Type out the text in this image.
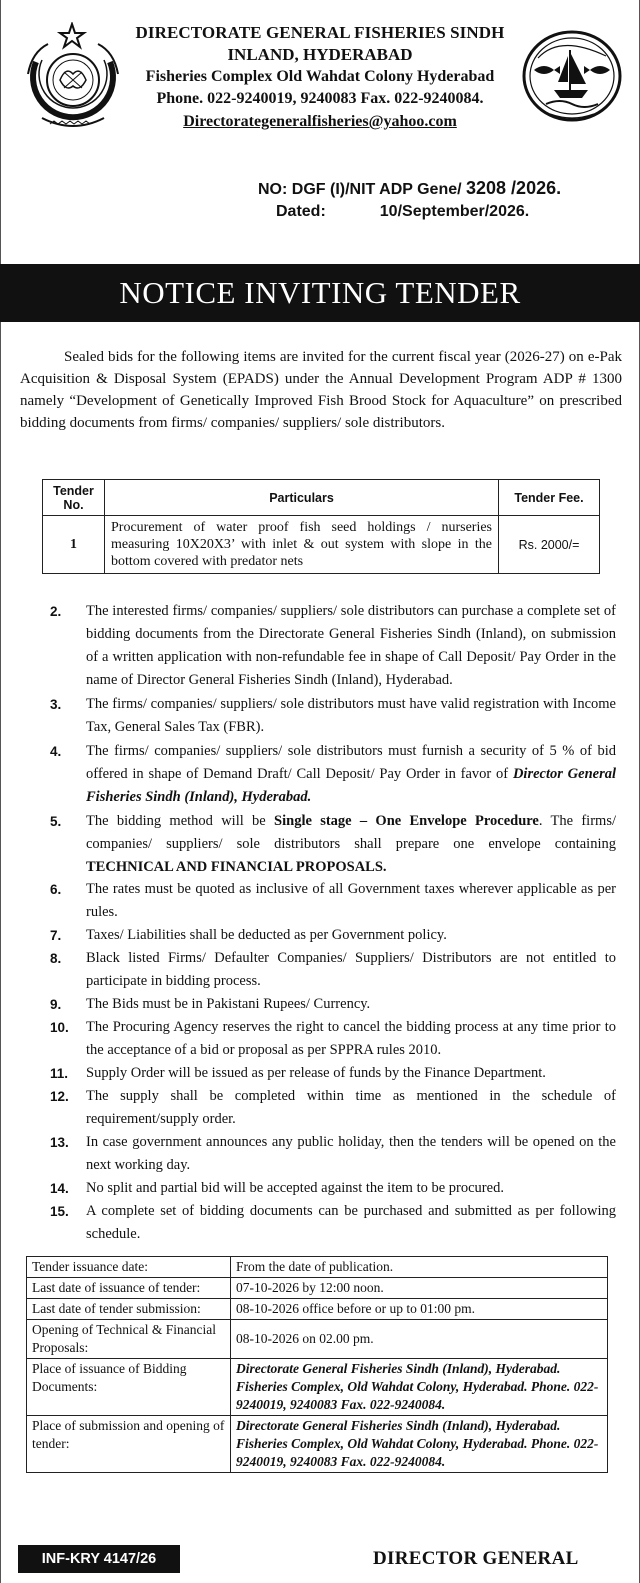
DIRECTORATE GENERAL FISHERIES SINDH
INLAND, HYDERABAD
Fisheries Complex Old Wahdat Colony Hyderabad
Phone. 022-9240019, 9240083 Fax. 022-9240084.
Directorategeneralfisheries@yahoo.com
NO: DGF (I)/NIT ADP Gene/ 3208 /2026.
Dated:	10/September/2026.
NOTICE INVITING TENDER

Sealed bids for the following items are invited for the current fiscal year (2026-27) on e-Pak Acquisition & Disposal System (EPADS) under the Annual Development Program ADP # 1300 namely “Development of Genetically Improved Fish Brood Stock for Aquaculture” on prescribed bidding documents from firms/ companies/ suppliers/ sole distributors.

Tender No.	Particulars	Tender Fee.
1	Procurement of water proof fish seed holdings / nurseries measuring 10X20X3’ with inlet & out system with slope in the bottom covered with predator nets	Rs. 2000/=
2. The interested firms/ companies/ suppliers/ sole distributors can purchase a complete set of bidding documents from the Directorate General Fisheries Sindh (Inland), on submission of a written application with non-refundable fee in shape of Call Deposit/ Pay Order in the name of Director General Fisheries Sindh (Inland), Hyderabad.
3. The firms/ companies/ suppliers/ sole distributors must have valid registration with Income Tax, General Sales Tax (FBR).
4. The firms/ companies/ suppliers/ sole distributors must furnish a security of 5 % of bid offered in shape of Demand Draft/ Call Deposit/ Pay Order in favor of Director General Fisheries Sindh (Inland), Hyderabad.
5. The bidding method will be Single stage – One Envelope Procedure. The firms/ companies/ suppliers/ sole distributors shall prepare one envelope containing TECHNICAL AND FINANCIAL PROPOSALS.
6. The rates must be quoted as inclusive of all Government taxes wherever applicable as per rules.
7. Taxes/ Liabilities shall be deducted as per Government policy.
8. Black listed Firms/ Defaulter Companies/ Suppliers/ Distributors are not entitled to participate in bidding process.
9. The Bids must be in Pakistani Rupees/ Currency.
10. The Procuring Agency reserves the right to cancel the bidding process at any time prior to the acceptance of a bid or proposal as per SPPRA rules 2010.
11. Supply Order will be issued as per release of funds by the Finance Department.
12. The supply shall be completed within time as mentioned in the schedule of requirement/supply order.
13. In case government announces any public holiday, then the tenders will be opened on the next working day.
14. No split and partial bid will be accepted against the item to be procured.
15. A complete set of bidding documents can be purchased and submitted as per following schedule.
Tender issuance date:	From the date of publication.
Last date of issuance of tender:	07-10-2026 by 12:00 noon.
Last date of tender submission:	08-10-2026 office before or up to 01:00 pm.
Opening of Technical & Financial Proposals:	08-10-2026 on 02.00 pm.
Place of issuance of Bidding Documents:	Directorate General Fisheries Sindh (Inland), Hyderabad. Fisheries Complex, Old Wahdat Colony, Hyderabad. Phone. 022-9240019, 9240083 Fax. 022-9240084.
Place of submission and opening of tender:	Directorate General Fisheries Sindh (Inland), Hyderabad. Fisheries Complex, Old Wahdat Colony, Hyderabad. Phone. 022-9240019, 9240083 Fax. 022-9240084.
INF-KRY 4147/26	DIRECTOR GENERAL
